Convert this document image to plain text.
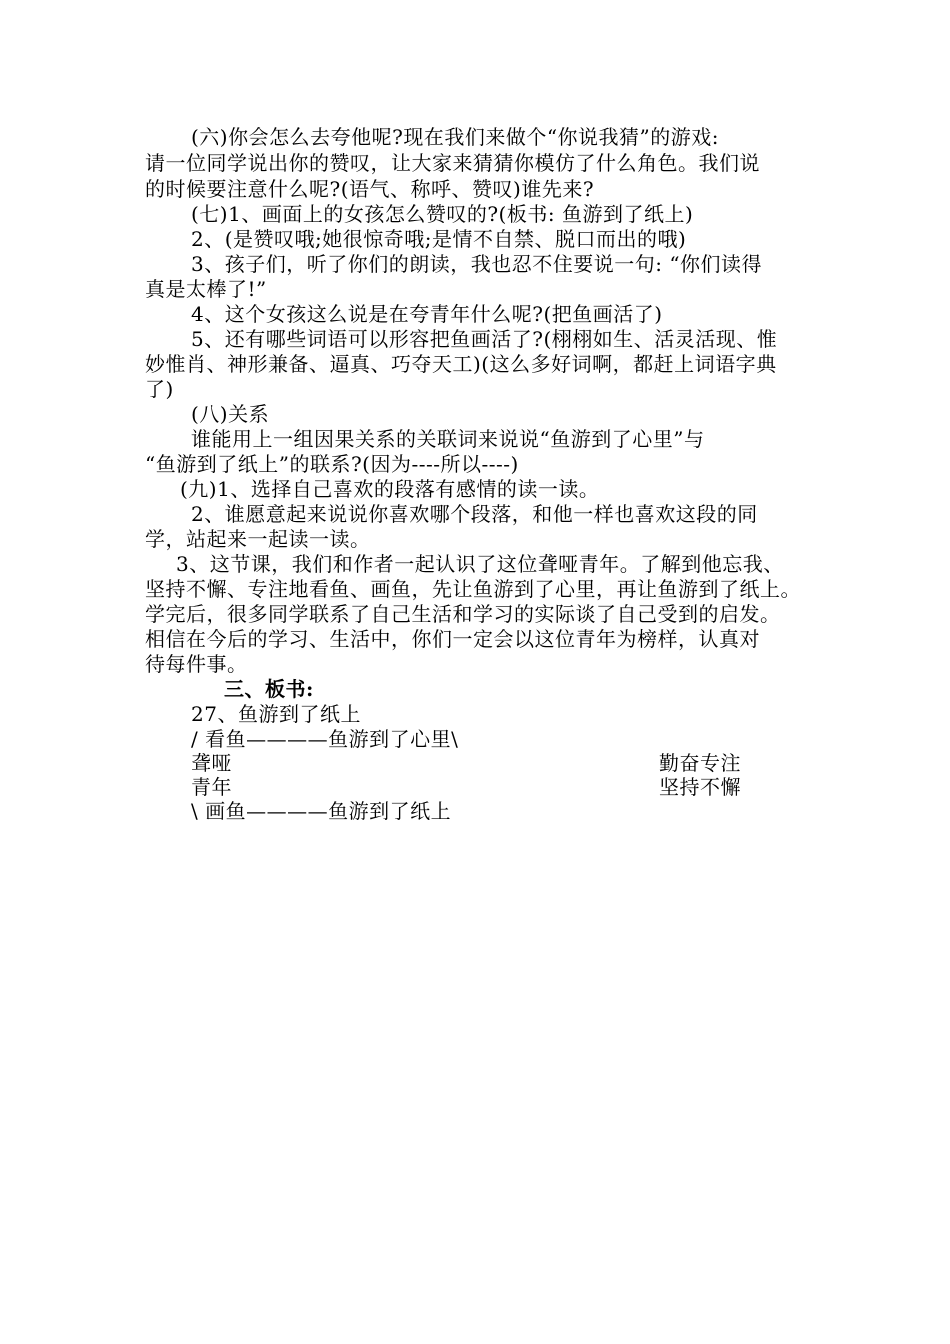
(六)你会怎么去夸他呢?现在我们来做个“你说我猜”的游戏:
请一位同学说出你的赞叹，让大家来猜猜你模仿了什么角色。我们说
的时候要注意什么呢?(语气、称呼、赞叹)谁先来?
(七)1、画面上的女孩怎么赞叹的?(板书: 鱼游到了纸上)
2、(是赞叹哦;她很惊奇哦;是情不自禁、脱口而出的哦)
3、孩子们，听了你们的朗读，我也忍不住要说一句: “你们读得
真是太棒了!”
4、这个女孩这么说是在夸青年什么呢?(把鱼画活了)
5、还有哪些词语可以形容把鱼画活了?(栩栩如生、活灵活现、惟
妙惟肖、神形兼备、逼真、巧夺天工)(这么多好词啊，都赶上词语字典
了)
(八)关系
谁能用上一组因果关系的关联词来说说“鱼游到了心里”与
“鱼游到了纸上”的联系?(因为----所以----)
(九)1、选择自己喜欢的段落有感情的读一读。
2、谁愿意起来说说你喜欢哪个段落，和他一样也喜欢这段的同
学，站起来一起读一读。
3、这节课，我们和作者一起认识了这位聋哑青年。了解到他忘我、
坚持不懈、专注地看鱼、画鱼，先让鱼游到了心里，再让鱼游到了纸上。
学完后，很多同学联系了自己生活和学习的实际谈了自己受到的启发。
相信在今后的学习、生活中，你们一定会以这位青年为榜样，认真对
待每件事。
三、板书:
27、鱼游到了纸上
/ 看鱼————鱼游到了心里\
聋哑	勤奋专注
青年	坚持不懈
\ 画鱼————鱼游到了纸上
